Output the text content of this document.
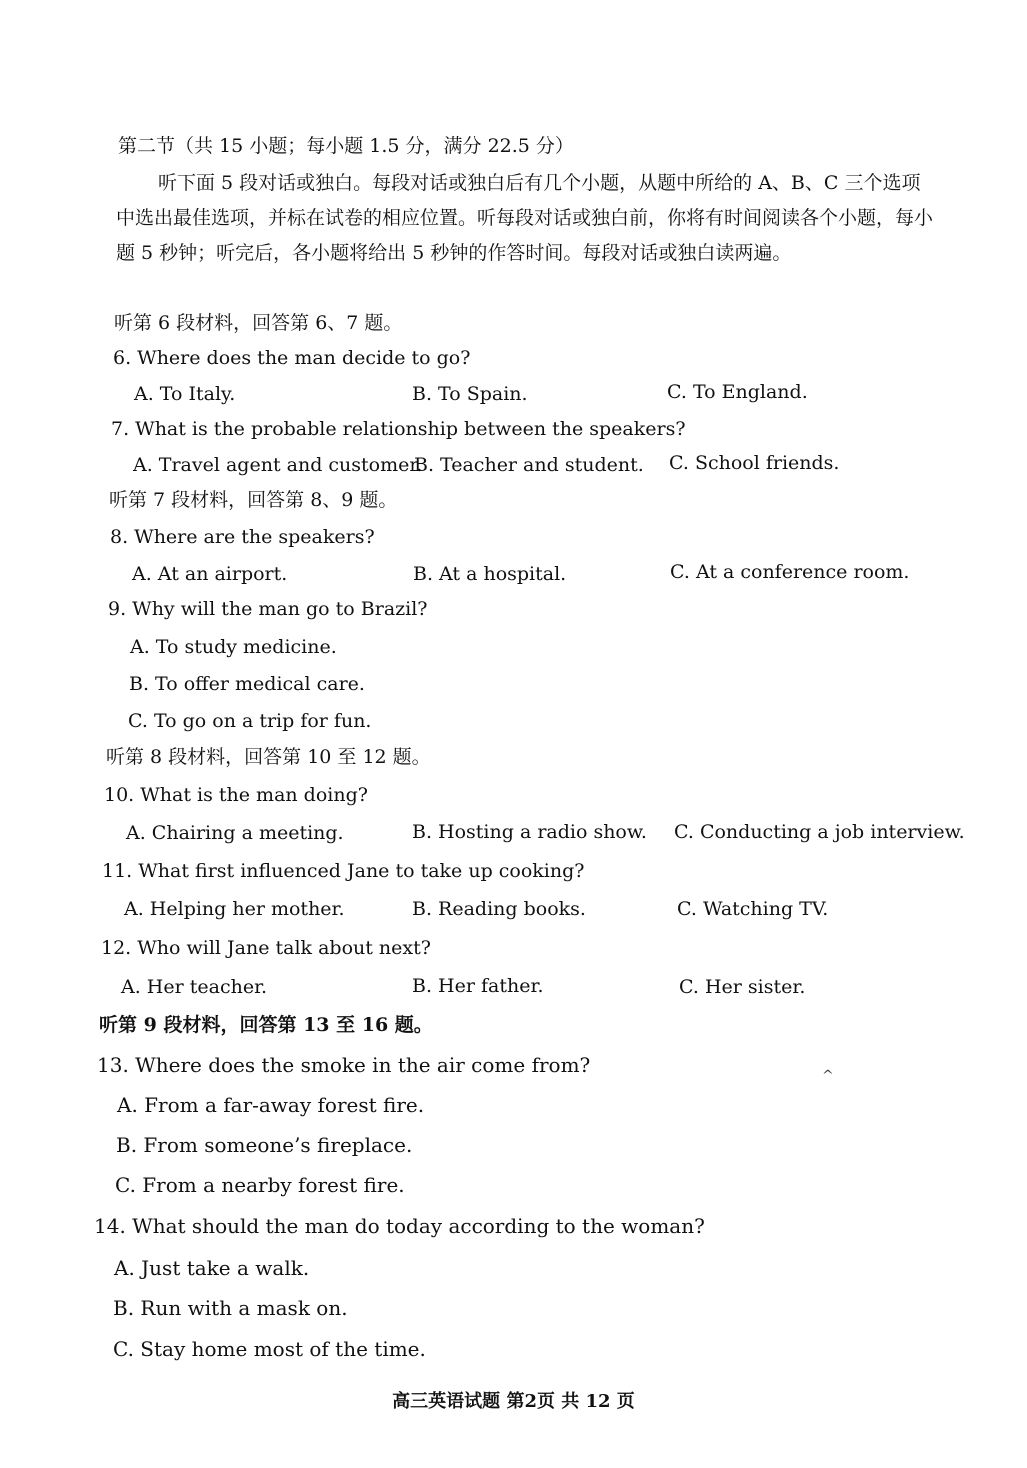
第二节（共 15 小题；每小题 1.5 分，满分 22.5 分）
听下面 5 段对话或独白。每段对话或独白后有几个小题，从题中所给的 A、B、C 三个选项中选出最佳选项，并标在试卷的相应位置。听每段对话或独白前，你将有时间阅读各个小题，每小题 5 秒钟；听完后，各小题将给出 5 秒钟的作答时间。每段对话或独白读两遍。
听第 6 段材料，回答第 6、7 题。
6. Where does the man decide to go?
A. To Italy.	B. To Spain.	C. To England.
7. What is the probable relationship between the speakers?
A. Travel agent and customer.
B. Teacher and student. C. School friends.
听第 7 段材料，回答第 8、9 题。
8. Where are the speakers?
A. At an airport.	B. At a hospital.	C. At a conference room.
9. Why will the man go to Brazil?
A. To study medicine.
B. To offer medical care.
C. To go on a trip for fun.
听第 8 段材料，回答第 10 至 12 题。
10. What is the man doing?
A. Chairing a meeting.	B. Hosting a radio show. C. Conducting a job interview.
11. What first influenced Jane to take up cooking?
A. Helping her mother.	B. Reading books.	C. Watching TV.
12. Who will Jane talk about next?
A. Her teacher.	B. Her father.	C. Her sister.
听第 9 段材料，回答第 13 至 16 题。
13. Where does the smoke in the air come from?
A. From a far-away forest fire.
B. From someone’s fireplace.
C. From a nearby forest fire.
14. What should the man do today according to the woman?
A. Just take a walk.
B. Run with a mask on.
C. Stay home most of the time.
^
高三英语试题 第2页 共 12 页
